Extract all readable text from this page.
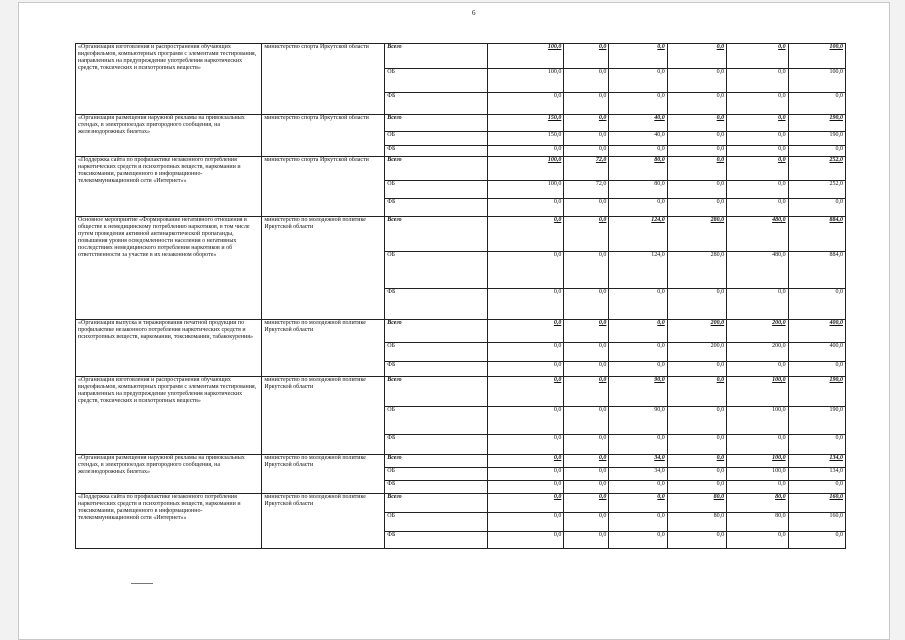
6
«Организация изготовления и распространения обучающих видеофильмов, компьютерных программ с элементами тестирования, направленных на предупреждение употребления наркотических средств, токсических и психотропных веществ»	министерство спорта Иркутской области	Всего	100,0	0,0	0,0	0,0	0,0	100,0
		ОБ	100,0	0,0	0,0	0,0	0,0	100,0
		ФБ	0,0	0,0	0,0	0,0	0,0	0,0
«Организация размещения наружной рекламы на привокзальных стендах, в электропоездах пригородного сообщения, на железнодорожных билетах»	министерство спорта Иркутской области	Всего	150,0	0,0	40,0	0,0	0,0	190,0
		ОБ	150,0	0,0	40,0	0,0	0,0	190,0
		ФБ	0,0	0,0	0,0	0,0	0,0	0,0
«Поддержка сайта по профилактике незаконного потребления наркотических средств и психотропных веществ, наркомании и токсикомании, размещенного в информационно-телекоммуникационной сети «Интернет»»	министерство спорта Иркутской области	Всего	100,0	72,0	80,0	0,0	0,0	252,0
		ОБ	100,0	72,0	80,0	0,0	0,0	252,0
		ФБ	0,0	0,0	0,0	0,0	0,0	0,0
Основное мероприятие «Формирование негативного отношения в обществе к немедицинскому потреблению наркотиков, в том числе путем проведения активной антинаркотической пропаганды, повышения уровня осведомленности населения о негативных последствиях немедицинского потребления наркотиков и об ответственности за участие в их незаконном обороте»	министерство по молодежной политике Иркутской области	Всего	0,0	0,0	124,0	280,0	480,0	884,0
		ОБ	0,0	0,0	124,0	280,0	480,0	884,0
		ФБ	0,0	0,0	0,0	0,0	0,0	0,0
«Организация выпуска и тиражирования печатной продукции по профилактике незаконного потребления наркотических средств и психотропных веществ, наркомании, токсикомании, табакокурения»	министерство по молодежной политике Иркутской области	Всего	0,0	0,0	0,0	200,0	200,0	400,0
		ОБ	0,0	0,0	0,0	200,0	200,0	400,0
		ФБ	0,0	0,0	0,0	0,0	0,0	0,0
«Организация изготовления и распространения обучающих видеофильмов, компьютерных программ с элементами тестирования, направленных на предупреждение употребления наркотических средств, токсических и психотропных веществ»	министерство по молодежной политике Иркутской области	Всего	0,0	0,0	90,0	0,0	100,0	190,0
		ОБ	0,0	0,0	90,0	0,0	100,0	190,0
		ФБ	0,0	0,0	0,0	0,0	0,0	0,0
«Организация размещения наружной рекламы на привокзальных стендах, в электропоездах пригородного сообщения, на железнодорожных билетах»	министерство по молодежной политике Иркутской области	Всего	0,0	0,0	34,0	0,0	100,0	134,0
		ОБ	0,0	0,0	34,0	0,0	100,0	134,0
		ФБ	0,0	0,0	0,0	0,0	0,0	0,0
«Поддержка сайта по профилактике незаконного потребления наркотических средств и психотропных веществ, наркомании и токсикомании, размещенного в информационно-телекоммуникационной сети «Интернет»»	министерство по молодежной политике Иркутской области	Всего	0,0	0,0	0,0	80,0	80,0	160,0
		ОБ	0,0	0,0	0,0	80,0	80,0	160,0
		ФБ	0,0	0,0	0,0	0,0	0,0	0,0
